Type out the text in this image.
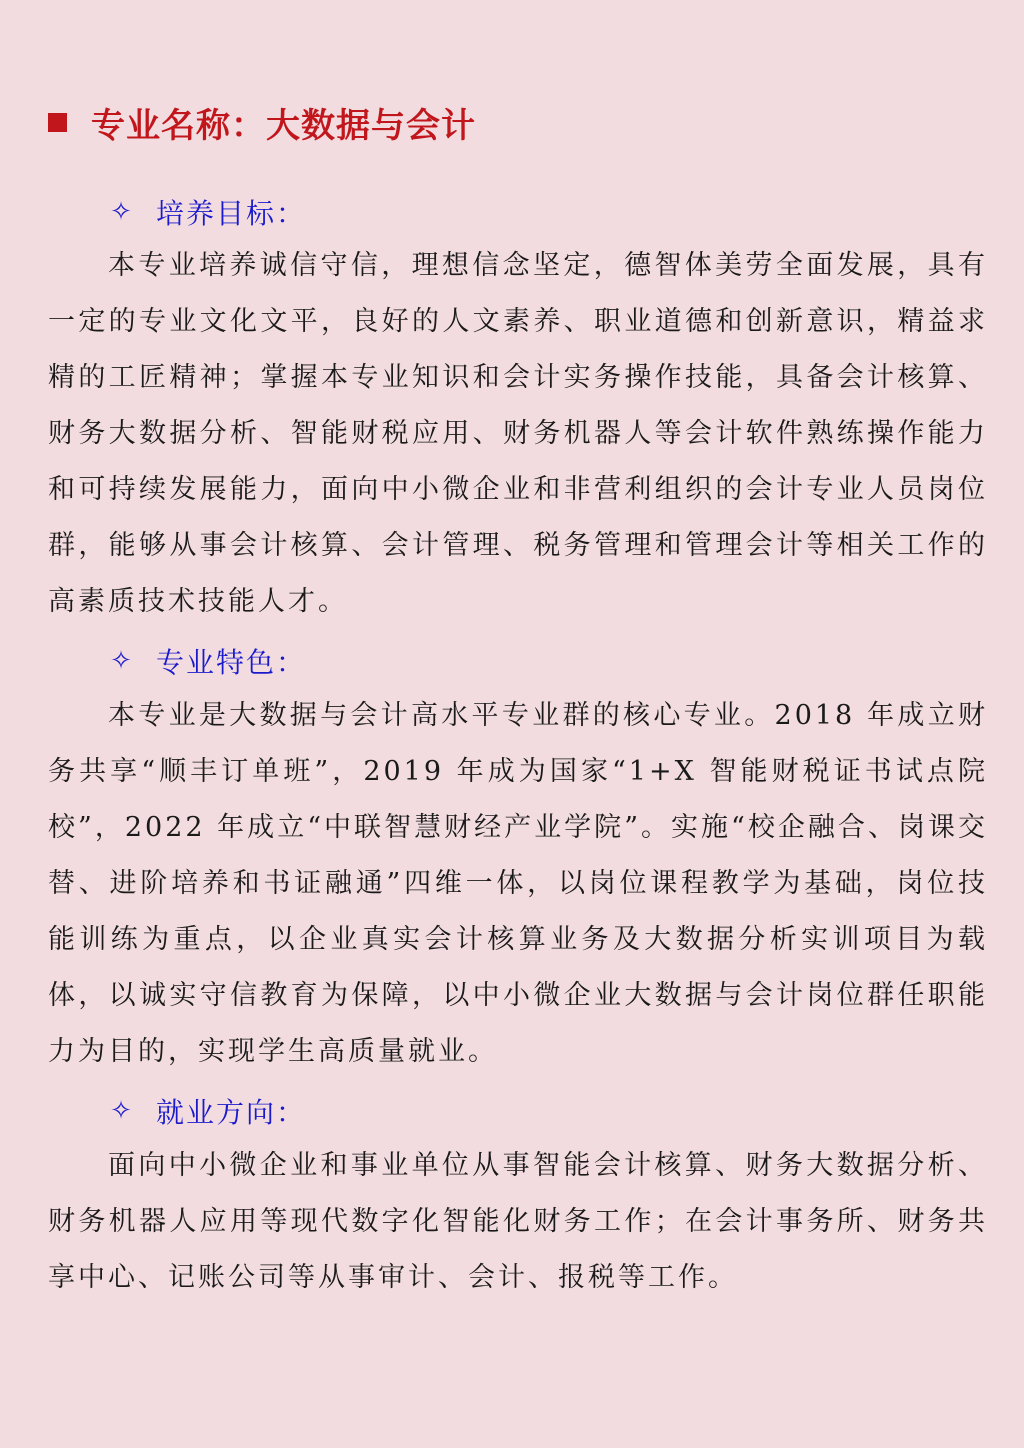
专业名称：大数据与会计
✧ 培养目标：

本专业培养诚信守信，理想信念坚定，德智体美劳全面发展，具有一定的专业文化文平，良好的人文素养、职业道德和创新意识，精益求精的工匠精神；掌握本专业知识和会计实务操作技能，具备会计核算、财务大数据分析、智能财税应用、财务机器人等会计软件熟练操作能力和可持续发展能力，面向中小微企业和非营利组织的会计专业人员岗位群，能够从事会计核算、会计管理、税务管理和管理会计等相关工作的高素质技术技能人才。

✧ 专业特色：

本专业是大数据与会计高水平专业群的核心专业。2018 年成立财务共享“顺丰订单班”，2019 年成为国家“1+X 智能财税证书试点院校”，2022 年成立“中联智慧财经产业学院”。实施“校企融合、岗课交替、进阶培养和书证融通”四维一体，以岗位课程教学为基础，岗位技能训练为重点，以企业真实会计核算业务及大数据分析实训项目为载体，以诚实守信教育为保障，以中小微企业大数据与会计岗位群任职能力为目的，实现学生高质量就业。

✧ 就业方向：

面向中小微企业和事业单位从事智能会计核算、财务大数据分析、财务机器人应用等现代数字化智能化财务工作；在会计事务所、财务共享中心、记账公司等从事审计、会计、报税等工作。
